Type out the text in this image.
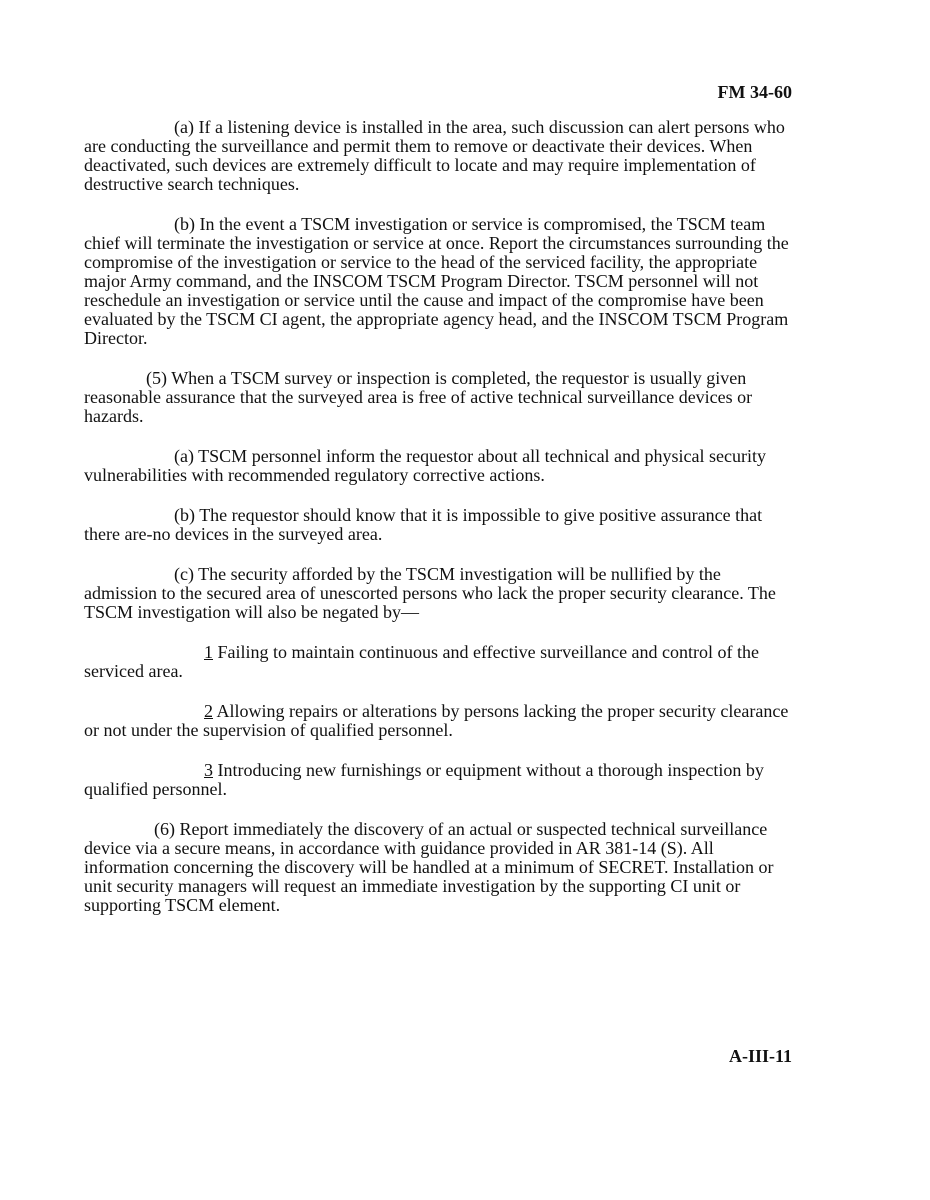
FM 34-60

(a) If a listening device is installed in the area, such discussion can alert persons who are conducting the surveillance and permit them to remove or deactivate their devices. When deactivated, such devices are extremely difficult to locate and may require implementation of destructive search techniques.

(b) In the event a TSCM investigation or service is compromised, the TSCM team chief will terminate the investigation or service at once. Report the circumstances surrounding the compromise of the investigation or service to the head of the serviced facility, the appropriate major Army command, and the INSCOM TSCM Program Director. TSCM personnel will not reschedule an investigation or service until the cause and impact of the compromise have been evaluated by the TSCM CI agent, the appropriate agency head, and the INSCOM TSCM Program Director.

(5) When a TSCM survey or inspection is completed, the requestor is usually given reasonable assurance that the surveyed area is free of active technical surveillance devices or hazards.

(a) TSCM personnel inform the requestor about all technical and physical security vulnerabilities with recommended regulatory corrective actions.

(b) The requestor should know that it is impossible to give positive assurance that there are-no devices in the surveyed area.

(c) The security afforded by the TSCM investigation will be nullified by the admission to the secured area of unescorted persons who lack the proper security clearance. The TSCM investigation will also be negated by—

1 Failing to maintain continuous and effective surveillance and control of the serviced area.

2 Allowing repairs or alterations by persons lacking the proper security clearance or not under the supervision of qualified personnel.

3 Introducing new furnishings or equipment without a thorough inspection by qualified personnel.

(6) Report immediately the discovery of an actual or suspected technical surveillance device via a secure means, in accordance with guidance provided in AR 381-14 (S). All information concerning the discovery will be handled at a minimum of SECRET. Installation or unit security managers will request an immediate investigation by the supporting CI unit or supporting TSCM element.

A-III-11
